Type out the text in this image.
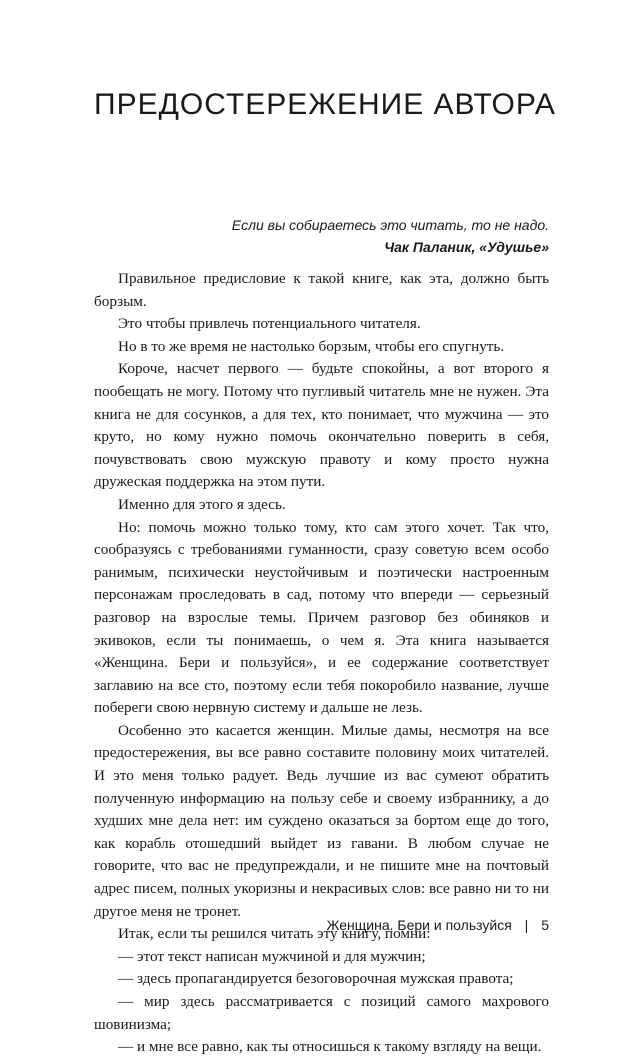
ПРЕДОСТЕРЕЖЕНИЕ АВТОРА
Если вы собираетесь это читать, то не надо.
Чак Паланик, «Удушье»

Правильное предисловие к такой книге, как эта, должно быть борзым.

Это чтобы привлечь потенциального читателя.

Но в то же время не настолько борзым, чтобы его спугнуть.

Короче, насчет первого — будьте спокойны, а вот второго я пообещать не могу. Потому что пугливый читатель мне не нужен. Эта книга не для сосунков, а для тех, кто понимает, что мужчина — это круто, но кому нужно помочь окончательно поверить в себя, почувствовать свою мужскую правоту и кому просто нужна дружеская поддержка на этом пути.

Именно для этого я здесь.

Но: помочь можно только тому, кто сам этого хочет. Так что, сообразуясь с требованиями гуманности, сразу советую всем особо ранимым, психически неустойчивым и поэтически настроенным персонажам проследовать в сад, потому что впереди — серьезный разговор на взрослые темы. Причем разговор без обиняков и экивоков, если ты понимаешь, о чем я. Эта книга называется «Женщина. Бери и пользуйся», и ее содержание соответствует заглавию на все сто, поэтому если тебя покоробило название, лучше побереги свою нервную систему и дальше не лезь.

Особенно это касается женщин. Милые дамы, несмотря на все предостережения, вы все равно составите половину моих читателей. И это меня только радует. Ведь лучшие из вас сумеют обратить полученную информацию на пользу себе и своему избраннику, а до худших мне дела нет: им суждено оказаться за бортом еще до того, как корабль отошедший выйдет из гавани. В любом случае не говорите, что вас не предупреждали, и не пишите мне на почтовый адрес писем, полных укоризны и некрасивых слов: все равно ни то ни другое меня не тронет.

Итак, если ты решился читать эту книгу, помни:

— этот текст написан мужчиной и для мужчин;

— здесь пропагандируется безоговорочная мужская правота;

— мир здесь рассматривается с позиций самого махрового шовинизма;

— и мне все равно, как ты относишься к такому взгляду на вещи.

Женщина. Бери и пользуйся | 5
